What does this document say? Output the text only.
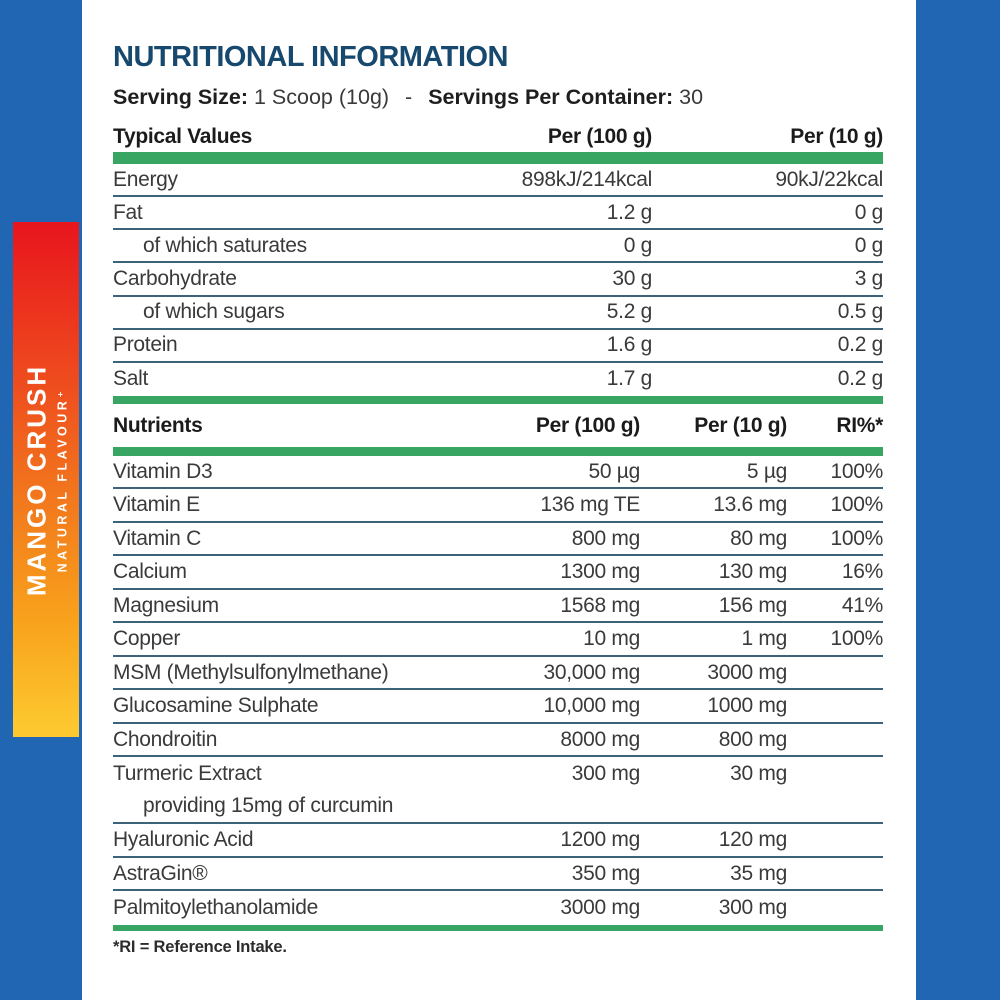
MANGO CRUSH NATURAL FLAVOUR⁺
NUTRITIONAL INFORMATION
Serving Size: 1 Scoop (10g) - Servings Per Container: 30
Typical Values	Per (100 g)	Per (10 g)
Energy	898kJ/214kcal	90kJ/22kcal
Fat	1.2 g	0 g
of which saturates	0 g	0 g
Carbohydrate	30 g	3 g
of which sugars	5.2 g	0.5 g
Protein	1.6 g	0.2 g
Salt	1.7 g	0.2 g
Nutrients	Per (100 g)	Per (10 g)	RI%*
Vitamin D3	50 µg	5 µg	100%
Vitamin E	136 mg TE	13.6 mg	100%
Vitamin C	800 mg	80 mg	100%
Calcium	1300 mg	130 mg	16%
Magnesium	1568 mg	156 mg	41%
Copper	10 mg	1 mg	100%
MSM (Methylsulfonylmethane)	30,000 mg	3000 mg
Glucosamine Sulphate	10,000 mg	1000 mg
Chondroitin	8000 mg	800 mg
Turmeric Extract	300 mg	30 mg
providing 15mg of curcumin
Hyaluronic Acid	1200 mg	120 mg
AstraGin®	350 mg	35 mg
Palmitoylethanolamide	3000 mg	300 mg
*RI = Reference Intake.
